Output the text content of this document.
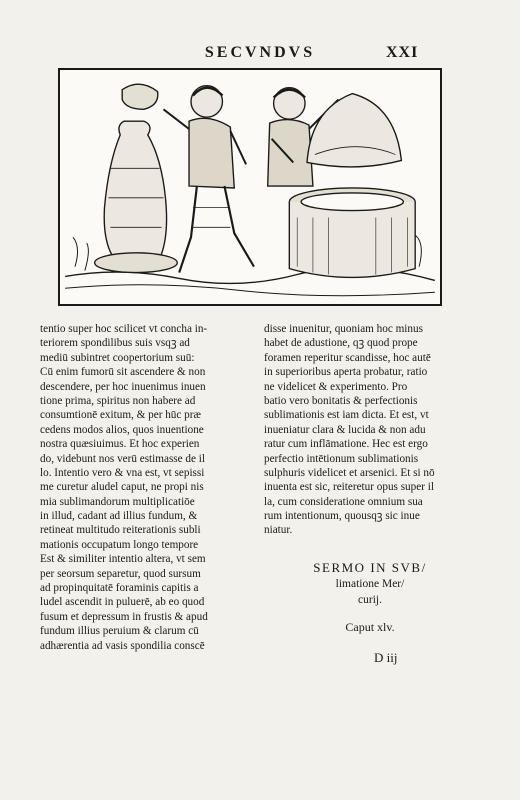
SECVNDVS	XXI
tentio super hoc scilicet vt concha in-
teriorem spondilibus suis vsqꝫ ad
mediū subintret coopertorium suū:
Cū enim fumorū sit ascendere & non
descendere, per hoc inuenimus inuen
tione prima, spiritus non habere ad
consumtionē exitum, & per hūc præ
cedens modos alios, quos inuentione
nostra quæsiuimus. Et hoc experien
do, videbunt nos verū estimasse de il
lo. Intentio vero & vna est, vt sepissi
me curetur aludel caput, ne propi nis
mia sublimandorum multiplicatiōe
in illud, cadant ad illius fundum, &
retineat multitudo reiterationis subli
mationis occupatum longo tempore
Est & similiter intentio altera, vt sem
per seorsum separetur, quod sursum
ad propinquitatē foraminis capitis a
ludel ascendit in puluerē, ab eo quod
fusum et depressum in frustis & apud
fundum illius peruium & clarum cū
adhærentia ad vasis spondilia conscē
disse inuenitur, quoniam hoc minus
habet de adustione, qꝫ quod prope
foramen reperitur scandisse, hoc autē
in superioribus aperta probatur, ratio
ne videlicet & experimento. Pro
batio vero bonitatis & perfectionis
sublimationis est iam dicta. Et est, vt
inueniatur clara & lucida & non adu
ratur cum inflāmatione. Hec est ergo
perfectio intētionum sublimationis
sulphuris videlicet et arsenici. Et si nō
inuenta est sic, reiteretur opus super il
la, cum consideratione omnium sua
rum intentionum, quousqꝫ sic inue
niatur.
SERMO IN SVB/
limatione Mer/
curij.
Caput xlv.
D iij
